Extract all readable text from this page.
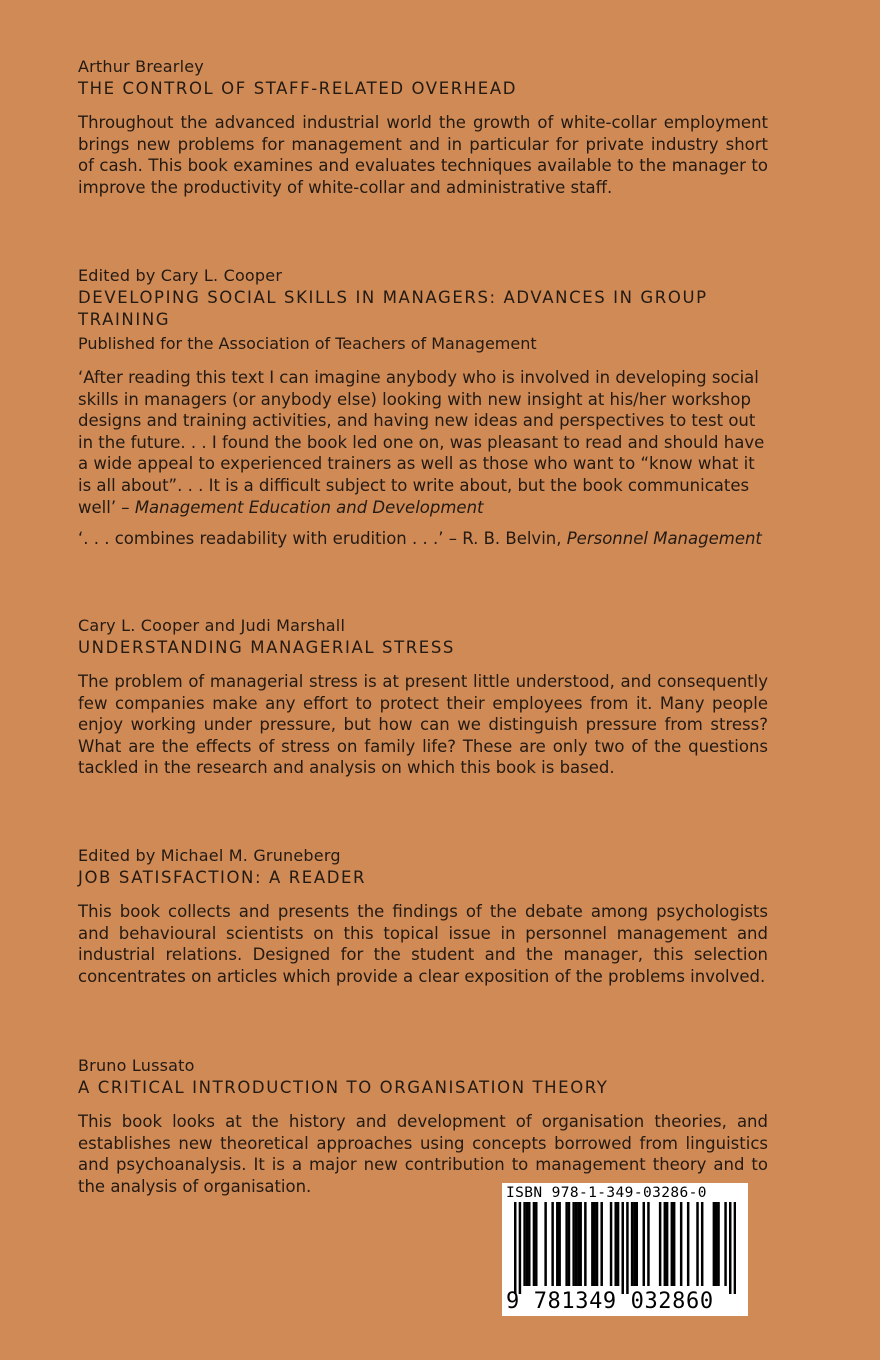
Arthur Brearley
THE CONTROL OF STAFF-RELATED OVERHEAD
Throughout the advanced industrial world the growth of white-collar employment brings new problems for management and in particular for private industry short of cash. This book examines and evaluates techniques available to the manager to improve the productivity of white-collar and administrative staff.
Edited by Cary L. Cooper
DEVELOPING SOCIAL SKILLS IN MANAGERS: ADVANCES IN GROUP TRAINING
Published for the Association of Teachers of Management
‘After reading this text I can imagine anybody who is involved in developing social skills in managers (or anybody else) looking with new insight at his/her workshop designs and training activities, and having new ideas and perspectives to test out in the future. . . I found the book led one on, was pleasant to read and should have a wide appeal to experienced trainers as well as those who want to “know what it is all about”. . . It is a difficult subject to write about, but the book communicates well’ – Management Education and Development
‘. . . combines readability with erudition . . .’ – R. B. Belvin, Personnel Management
Cary L. Cooper and Judi Marshall
UNDERSTANDING MANAGERIAL STRESS
The problem of managerial stress is at present little understood, and consequently few companies make any effort to protect their employees from it. Many people enjoy working under pressure, but how can we distinguish pressure from stress? What are the effects of stress on family life? These are only two of the questions tackled in the research and analysis on which this book is based.
Edited by Michael M. Gruneberg
JOB SATISFACTION: A READER
This book collects and presents the findings of the debate among psychologists and behavioural scientists on this topical issue in personnel management and industrial relations. Designed for the student and the manager, this selection concentrates on articles which provide a clear exposition of the problems involved.
Bruno Lussato
A CRITICAL INTRODUCTION TO ORGANISATION THEORY
This book looks at the history and development of organisation theories, and establishes new theoretical approaches using concepts borrowed from linguistics and psychoanalysis. It is a major new contribution to management theory and to the analysis of organisation.	ISBN 978-1-349-03286-0
9 781349 032860
